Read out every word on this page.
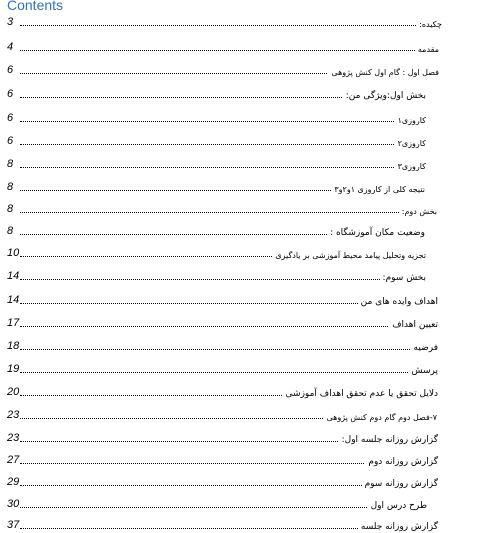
Contents
3	چکیده:
4	مقدمه
6	فصل اول : گام اول کنش پژوهی
6	بخش اول:ویژگی من:
6	کاروزی۱
6	کاروزی۲
8	کاروزی۳
8	نتیجه کلی از کاروزی ۱و۲و۳
8	بخش دوم:
8	وضعیت مکان آموزشگاه :
10	تجزیه وتحلیل پیامد محیط آموزشی بر یادگیری
14	بخش سوم:
14	اهداف وایده های من
17	تعیین اهداف
18	فرضیه
19	پرسش
20	دلایل تحقق یا عدم تحقق اهداف آموزشی
23	۷-فصل دوم گام دوم کنش پژوهی
23	گزارش روزانه جلسه اول:
27	گزارش روزانه دوم
29	گزارش روزانه سوم
30	طرح درس اول
37	گزارش روزانه جلسه
